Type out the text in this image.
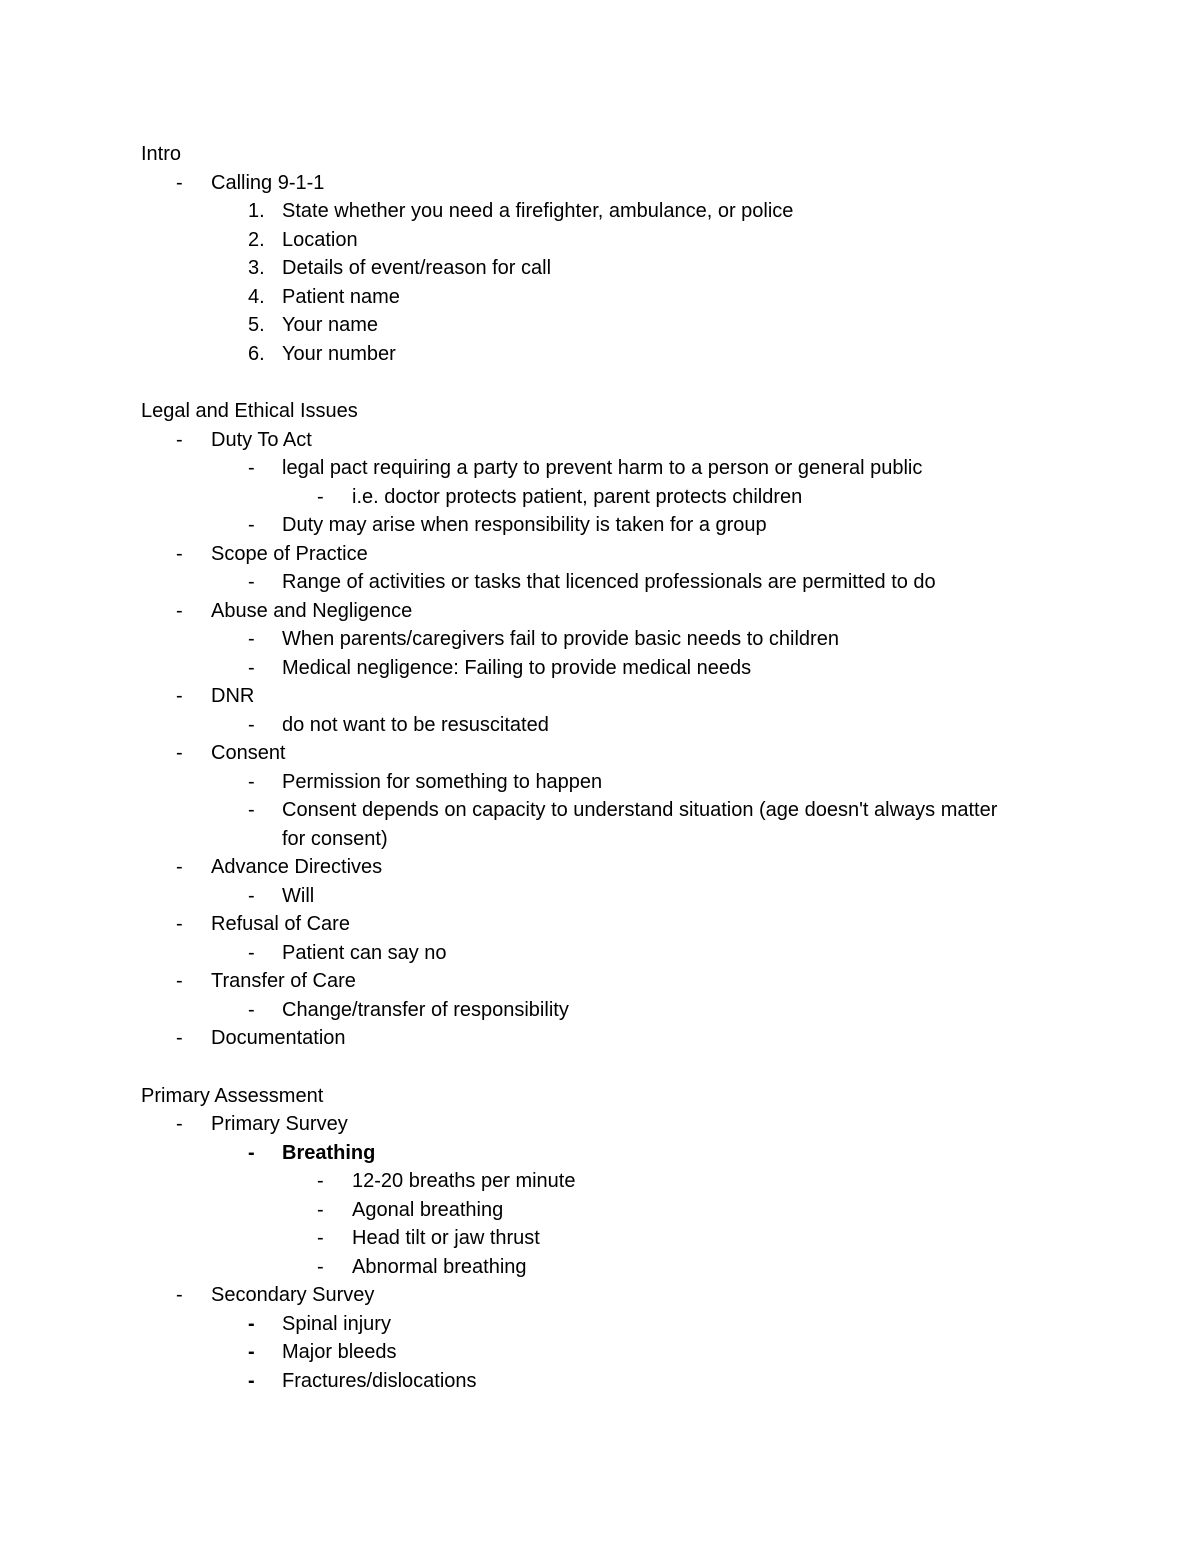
Intro
- Calling 9-1-1
1. State whether you need a firefighter, ambulance, or police
2. Location
3. Details of event/reason for call
4. Patient name
5. Your name
6. Your number
Legal and Ethical Issues
- Duty To Act
- legal pact requiring a party to prevent harm to a person or general public
- i.e. doctor protects patient, parent protects children
- Duty may arise when responsibility is taken for a group
- Scope of Practice
- Range of activities or tasks that licenced professionals are permitted to do
- Abuse and Negligence
- When parents/caregivers fail to provide basic needs to children
- Medical negligence: Failing to provide medical needs
- DNR
- do not want to be resuscitated
- Consent
- Permission for something to happen
- Consent depends on capacity to understand situation (age doesn't always matter
for consent)
- Advance Directives
- Will
- Refusal of Care
- Patient can say no
- Transfer of Care
- Change/transfer of responsibility
- Documentation
Primary Assessment
- Primary Survey
- Breathing
- 12-20 breaths per minute
- Agonal breathing
- Head tilt or jaw thrust
- Abnormal breathing
- Secondary Survey
- Spinal injury
- Major bleeds
- Fractures/dislocations
